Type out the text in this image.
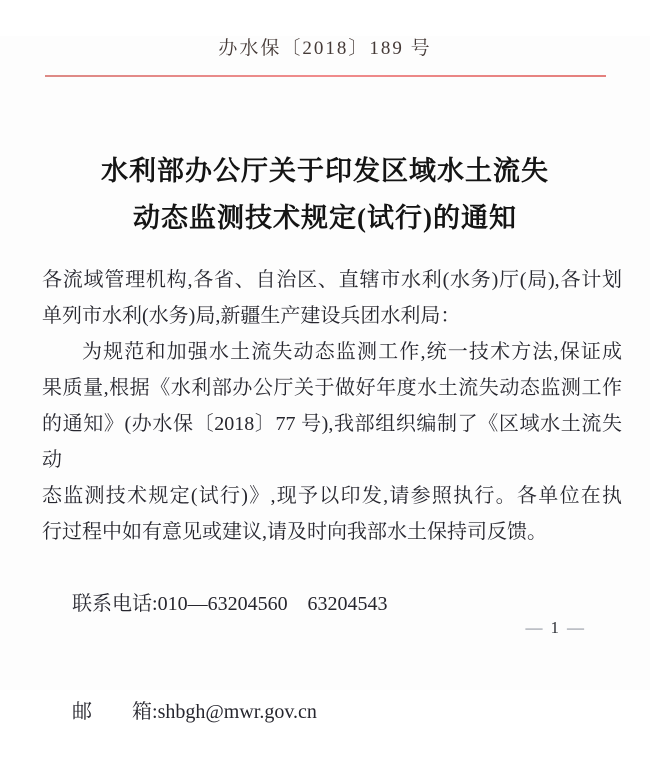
办水保〔2018〕189 号
水利部办公厅关于印发区域水土流失
动态监测技术规定(试行)的通知
各流域管理机构,各省、自治区、直辖市水利(水务)厅(局),各计划
单列市水利(水务)局,新疆生产建设兵团水利局：
为规范和加强水土流失动态监测工作,统一技术方法,保证成
果质量,根据《水利部办公厅关于做好年度水土流失动态监测工作
的通知》(办水保〔2018〕77 号),我部组织编制了《区域水土流失动
态监测技术规定(试行)》,现予以印发,请参照执行。各单位在执
行过程中如有意见或建议,请及时向我部水土保持司反馈。

联系电话:010—63204560　63204543

邮　　箱:shbgh@mwr.gov.cn

— 1 —
